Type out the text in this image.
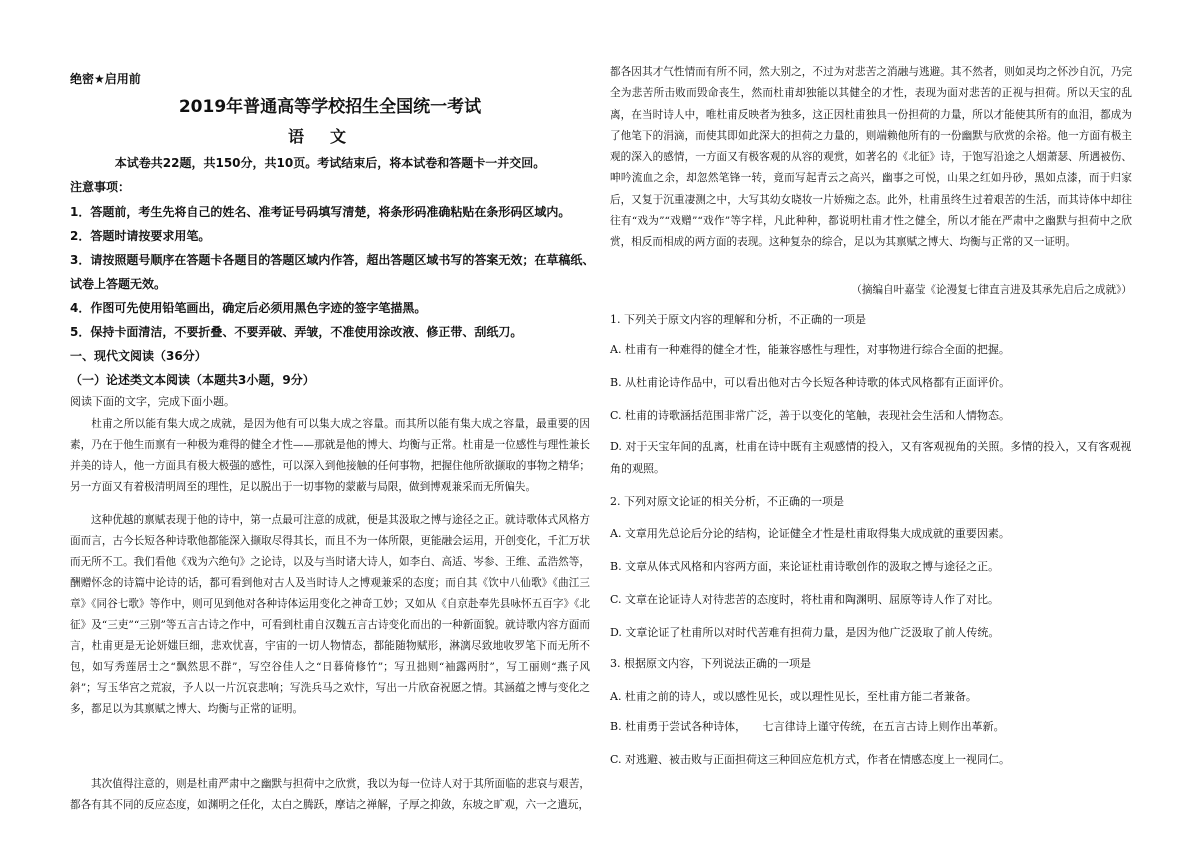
绝密★启用前

2019年普通高等学校招生全国统一考试

语文

本试卷共22题，共150分，共10页。考试结束后，将本试卷和答题卡一并交回。

注意事项：

1．答题前，考生先将自己的姓名、准考证号码填写清楚，将条形码准确粘贴在条形码区域内。

2．答题时请按要求用笔。

3．请按照题号顺序在答题卡各题目的答题区域内作答，超出答题区域书写的答案无效；在草稿纸、

试卷上答题无效。

4．作图可先使用铅笔画出，确定后必须用黑色字迹的签字笔描黑。

5．保持卡面清洁，不要折叠、不要弄破、弄皱，不准使用涂改液、修正带、刮纸刀。

一、现代文阅读（36分）

（一）论述类文本阅读（本题共3小题，9分）

阅读下面的文字，完成下面小题。

杜甫之所以能有集大成之成就，是因为他有可以集大成之容量。而其所以能有集大成之容量，最重要的因素，乃在于他生而禀有一种极为难得的健全才性——那就是他的博大、均衡与正常。杜甫是一位感性与理性兼长并美的诗人，他一方面具有极大极强的感性，可以深入到他接触的任何事物，把握住他所欲撷取的事物之精华；另一方面又有着极清明周至的理性，足以脱出于一切事物的蒙蔽与局限，做到博观兼采而无所偏失。

这种优越的禀赋表现于他的诗中，第一点最可注意的成就，便是其汲取之博与途径之正。就诗歌体式风格方面而言，古今长短各种诗歌他都能深入撷取尽得其长，而且不为一体所限，更能融会运用，开创变化，千汇万状而无所不工。我们看他《戏为六绝句》之论诗，以及与当时诸大诗人，如李白、高适、岑参、王维、孟浩然等，酬赠怀念的诗篇中论诗的话，都可看到他对古人及当时诗人之博观兼采的态度；而自其《饮中八仙歌》《曲江三章》《同谷七歌》等作中，则可见到他对各种诗体运用变化之神奇工妙；又如从《自京赴奉先县咏怀五百字》《北征》及“三吏”“三别”等五言古诗之作中，可看到杜甫自汉魏五言古诗变化而出的一种新面貌。就诗歌内容方面而言，杜甫更是无论妍媸巨细，悲欢忧喜，宇宙的一切人物情态，都能随物赋形，淋漓尽致地收罗笔下而无所不包，如写秀莲居士之“飘然思不群”，写空谷佳人之“日暮倚修竹”；写丑拙则“袖露两肘”，写工丽则“燕子风斜”；写玉华宫之荒寂，予人以一片沉哀悲响；写洗兵马之欢忭，写出一片欣奋祝愿之情。其涵蕴之博与变化之多，都足以为其禀赋之博大、均衡与正常的证明。

其次值得注意的，则是杜甫严肃中之幽默与担荷中之欣赏，我以为每一位诗人对于其所面临的悲哀与艰苦，都各有其不同的反应态度，如渊明之任化，太白之腾跃，摩诘之禅解，子厚之抑敛，东坡之旷观，六一之遣玩，

都各因其才气性情而有所不同，然大别之，不过为对悲苦之消融与逃避。其不然者，则如灵均之怀沙自沉，乃完全为悲苦所击败而毁命丧生，然而杜甫却独能以其健全的才性，表现为面对悲苦的正视与担荷。所以天宝的乱离，在当时诗人中，唯杜甫反映者为独多，这正因杜甫独具一份担荷的力量，所以才能使其所有的血泪，都成为了他笔下的涓滴，而使其即如此深大的担荷之力量的，则端赖他所有的一份幽默与欣赏的余裕。他一方面有极主观的深入的感情，一方面又有极客观的从容的观赏，如著名的《北征》诗，于饱写沿途之人烟萧瑟、所遇被伤、呻吟流血之余，却忽然笔锋一转，竟而写起青云之高兴，幽事之可悦，山果之红如丹砂，黑如点漆，而于归家后，又复于沉重凄测之中，大写其幼女晓妆一片娇痴之态。此外，杜甫虽终生过着艰苦的生活，而其诗体中却往往有“戏为”“戏赠”“戏作”等字样，凡此种种，都说明杜甫才性之健全，所以才能在严肃中之幽默与担荷中之欣赏，相反而相成的两方面的表现。这种复杂的综合，足以为其禀赋之博大、均衡与正常的又一证明。

（摘编自叶嘉莹《论漫复七律直言进及其承先启后之成就》）

1. 下列关于原文内容的理解和分析，不正确的一项是

A. 杜甫有一种难得的健全才性，能兼容感性与理性，对事物进行综合全面的把握。

B. 从杜甫论诗作品中，可以看出他对古今长短各种诗歌的体式风格都有正面评价。

C. 杜甫的诗歌涵括范围非常广泛，善于以变化的笔触，表现社会生活和人情物态。

D. 对于天宝年间的乱离，杜甫在诗中既有主观感情的投入，又有客观视角的关照。多情的投入，又有客观视角的观照。

2. 下列对原文论证的相关分析，不正确的一项是

A. 文章用先总论后分论的结构，论证健全才性是杜甫取得集大成成就的重要因素。

B. 文章从体式风格和内容两方面，来论证杜甫诗歌创作的汲取之博与途径之正。

C. 文章在论证诗人对待悲苦的态度时，将杜甫和陶渊明、屈原等诗人作了对比。

D. 文章论证了杜甫所以对时代苦难有担荷力量，是因为他广泛汲取了前人传统。

3. 根据原文内容，下列说法正确的一项是

A. 杜甫之前的诗人，或以感性见长，或以理性见长，至杜甫方能二者兼备。

B. 杜甫勇于尝试各种诗体，　　七言律诗上谨守传统，在五言古诗上则作出革新。

C. 对逃避、被击败与正面担荷这三种回应危机方式，作者在情感态度上一视同仁。
